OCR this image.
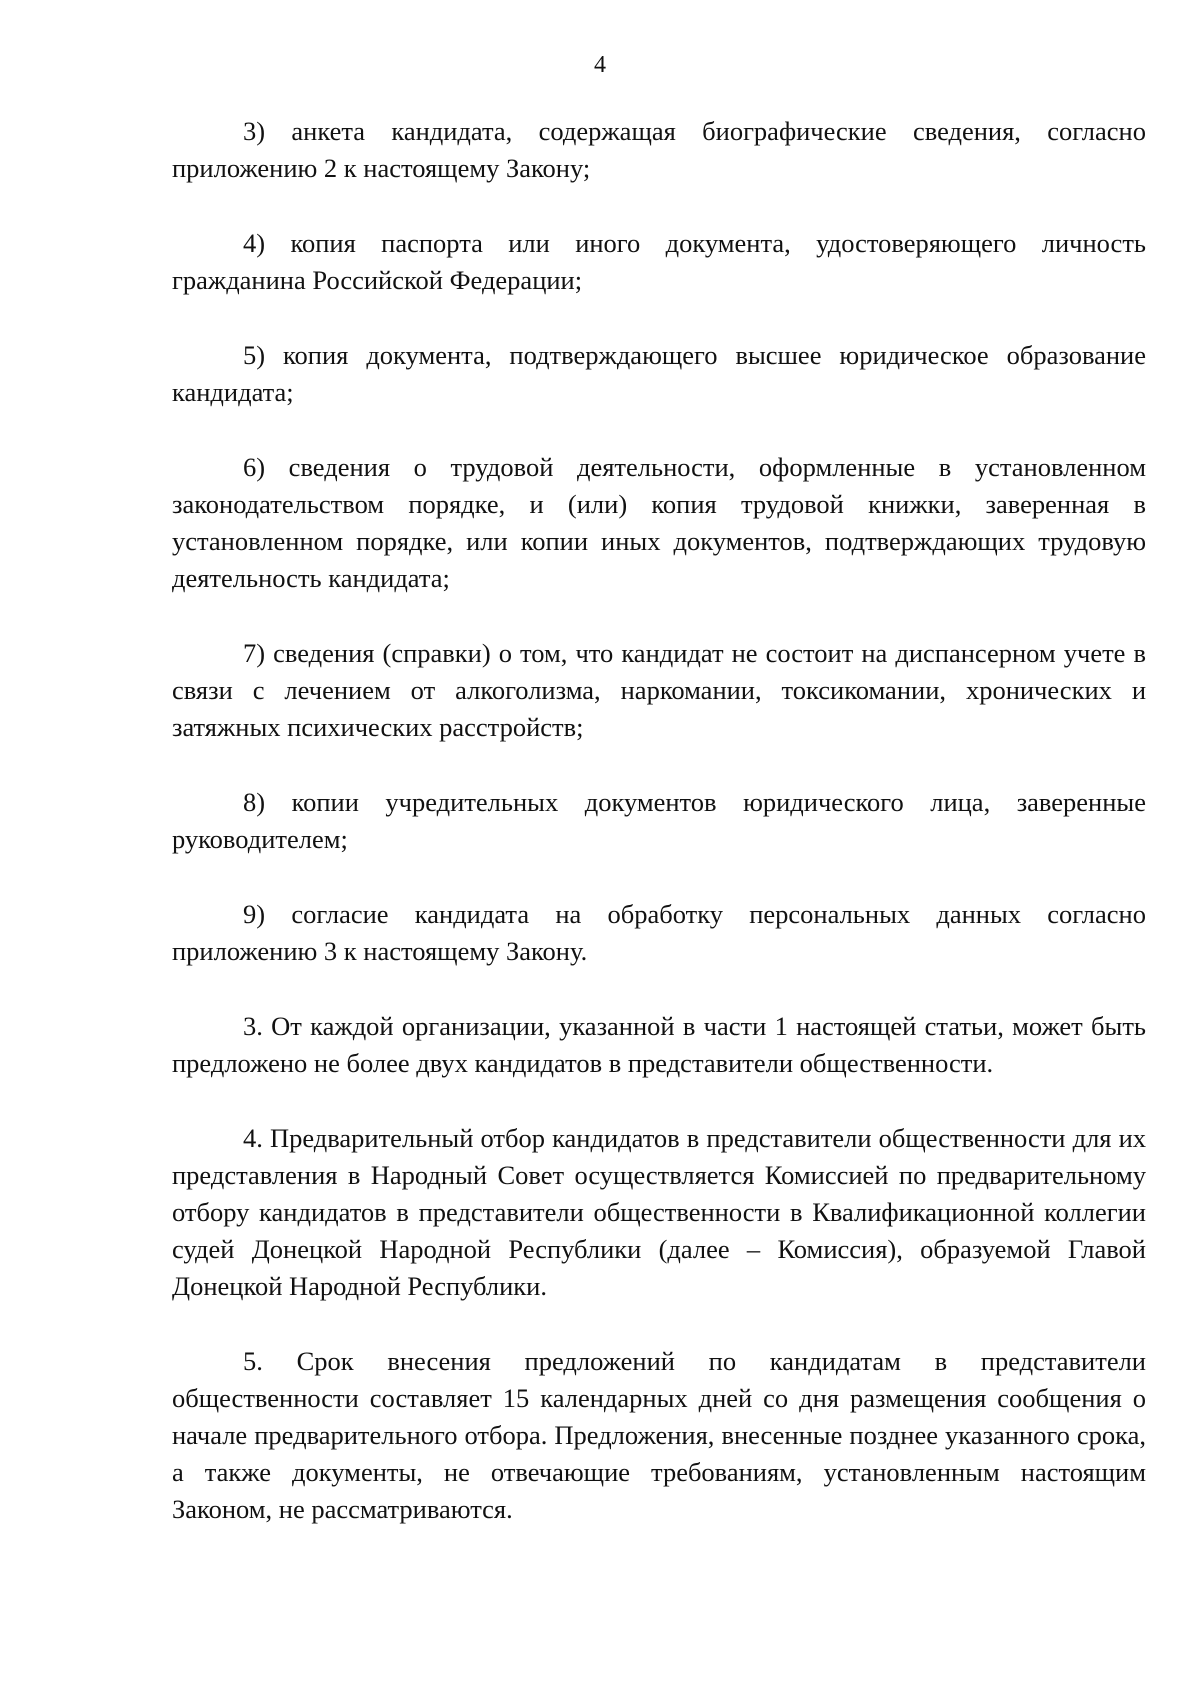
4

3) анкета кандидата, содержащая биографические сведения, согласно приложению 2 к настоящему Закону;

4) копия паспорта или иного документа, удостоверяющего личность гражданина Российской Федерации;

5) копия документа, подтверждающего высшее юридическое образование кандидата;

6) сведения о трудовой деятельности, оформленные в установленном законодательством порядке, и (или) копия трудовой книжки, заверенная в установленном порядке, или копии иных документов, подтверждающих трудовую деятельность кандидата;

7) сведения (справки) о том, что кандидат не состоит на диспансерном учете в связи с лечением от алкоголизма, наркомании, токсикомании, хронических и затяжных психических расстройств;

8) копии учредительных документов юридического лица, заверенные руководителем;

9) согласие кандидата на обработку персональных данных согласно приложению 3 к настоящему Закону.

3. От каждой организации, указанной в части 1 настоящей статьи, может быть предложено не более двух кандидатов в представители общественности.

4. Предварительный отбор кандидатов в представители общественности для их представления в Народный Совет осуществляется Комиссией по предварительному отбору кандидатов в представители общественности в Квалификационной коллегии судей Донецкой Народной Республики (далее – Комиссия), образуемой Главой Донецкой Народной Республики.

5. Срок внесения предложений по кандидатам в представители общественности составляет 15 календарных дней со дня размещения сообщения о начале предварительного отбора. Предложения, внесенные позднее указанного срока, а также документы, не отвечающие требованиям, установленным настоящим Законом, не рассматриваются.
